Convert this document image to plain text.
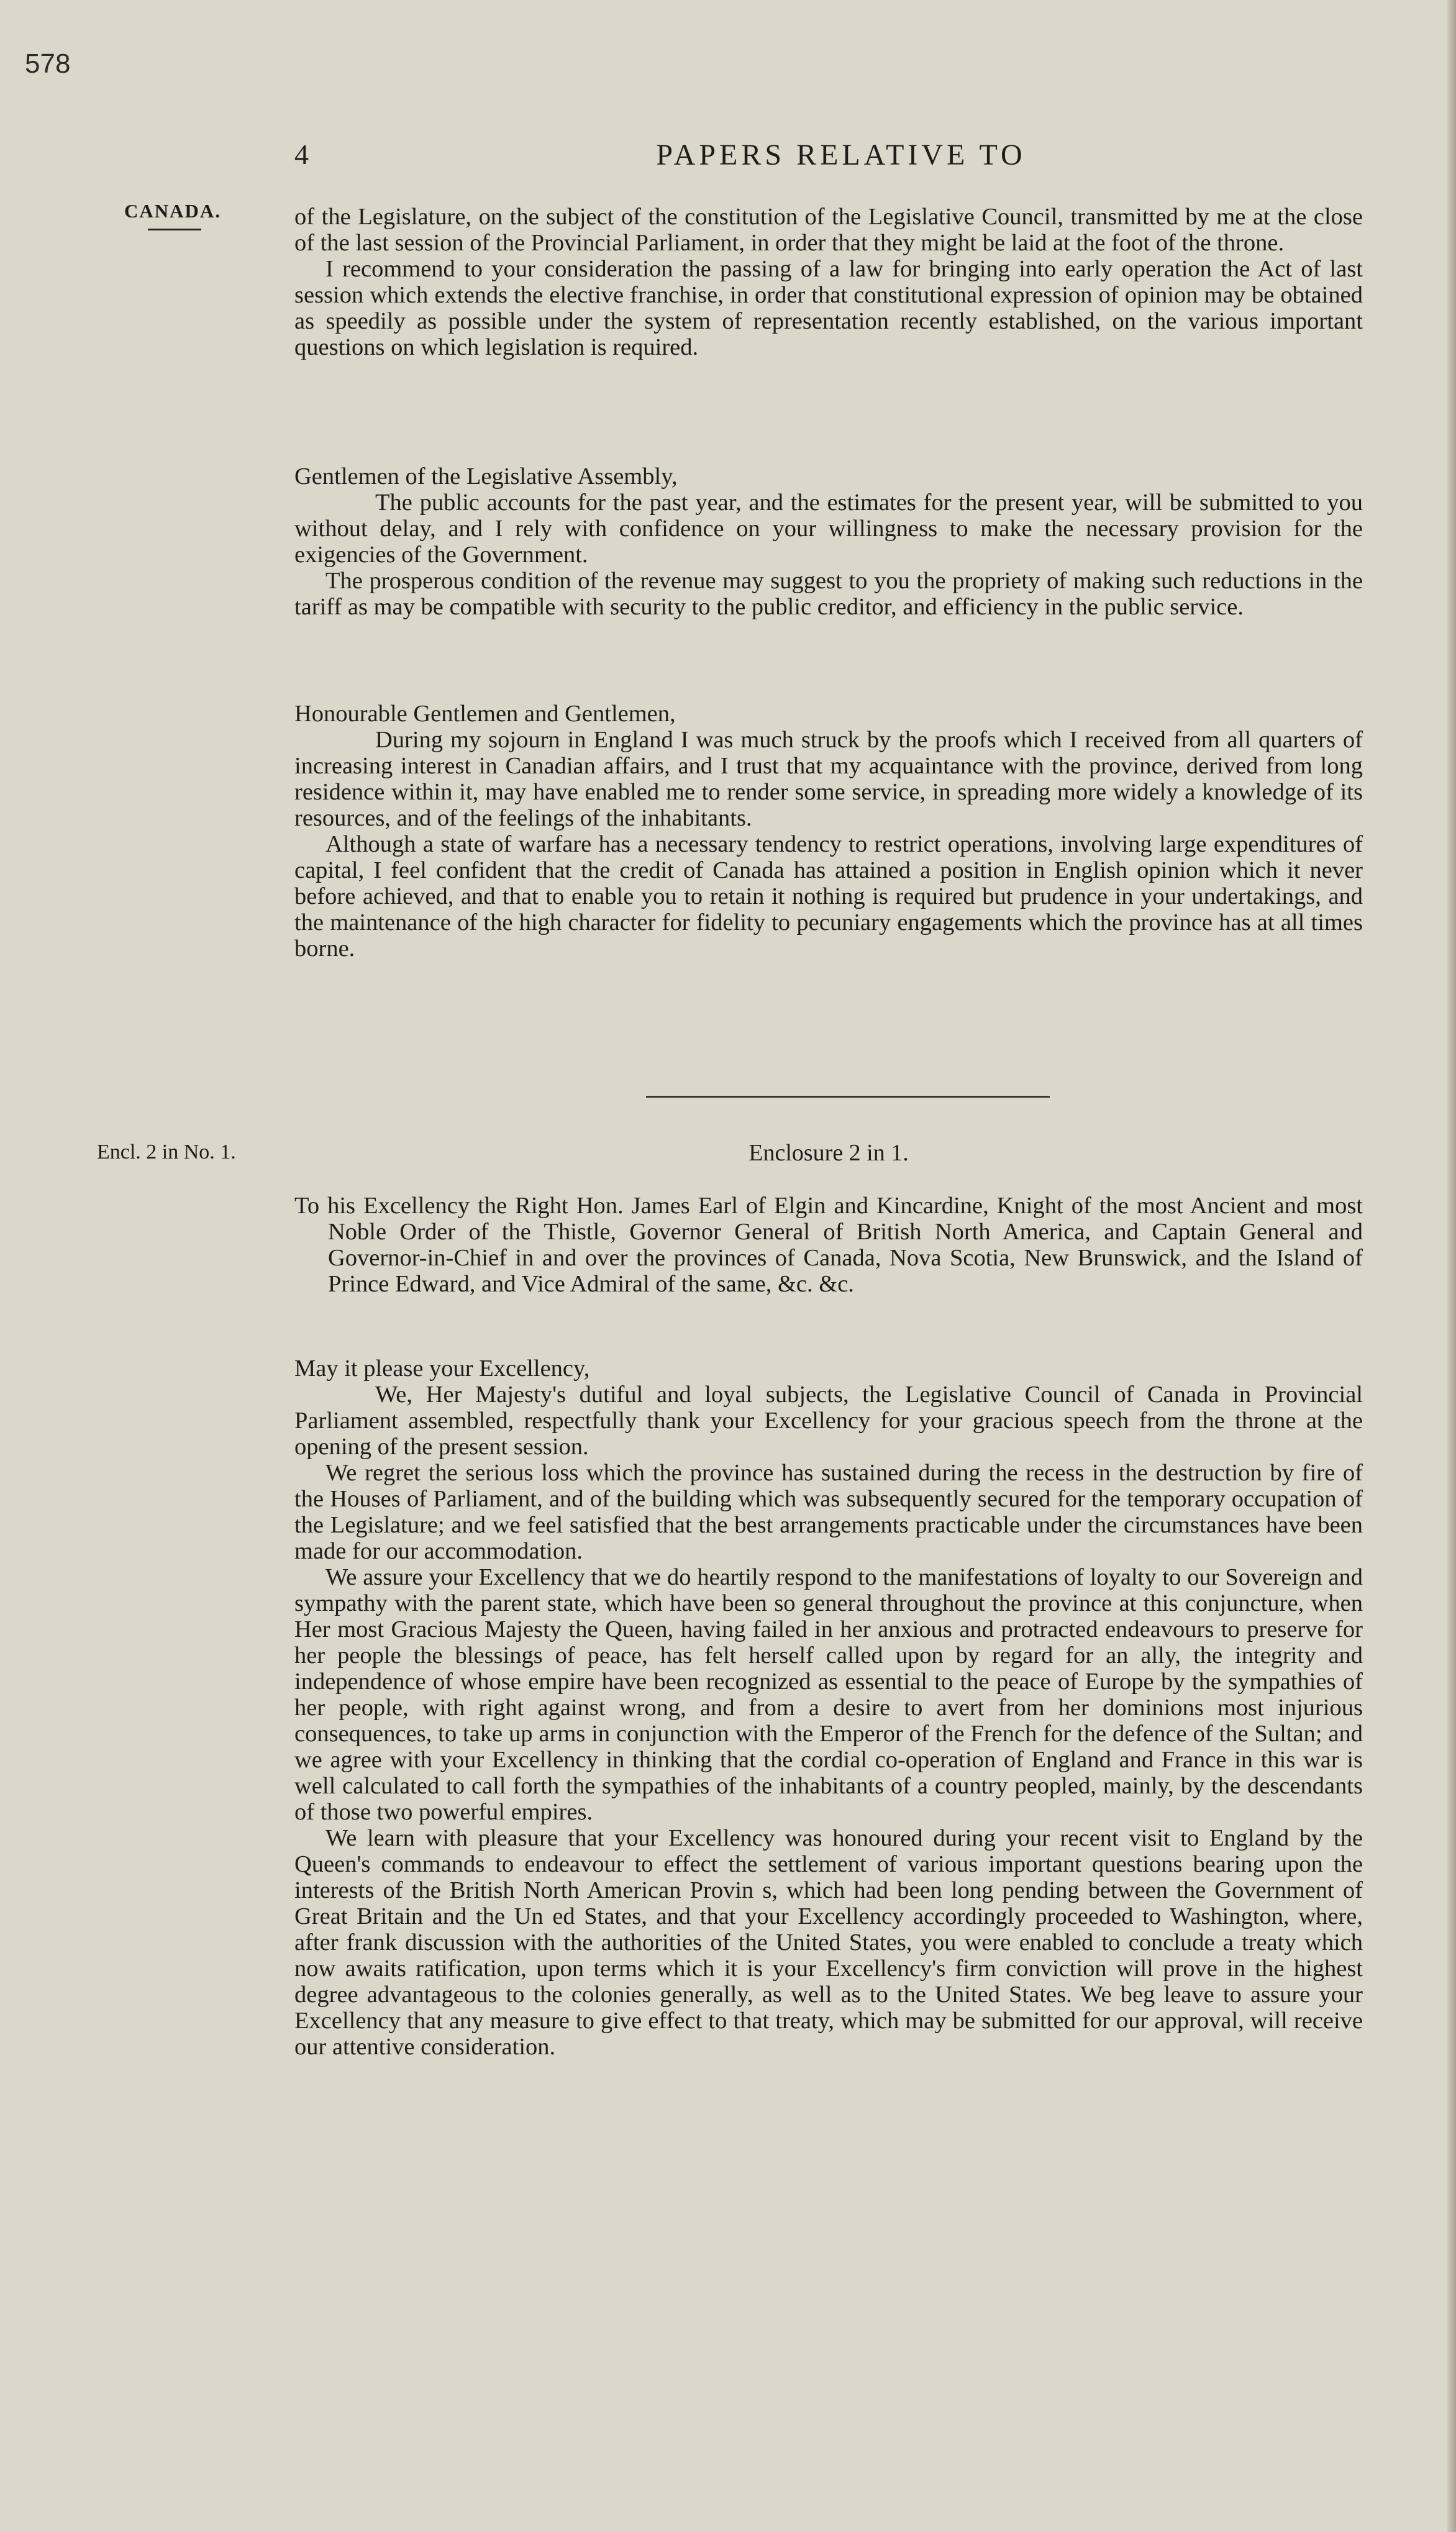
578
4	PAPERS RELATIVE TO
CANADA.	of the Legislature, on the subject of the constitution of the Legislative Council, transmitted by me at the close of the last session of the Provincial Parliament, in order that they might be laid at the foot of the throne.

I recommend to your consideration the passing of a law for bringing into early operation the Act of last session which extends the elective franchise, in order that constitutional expression of opinion may be obtained as speedily as possible under the system of representation recently established, on the various important questions on which legislation is required.

Gentlemen of the Legislative Assembly,

The public accounts for the past year, and the estimates for the present year, will be submitted to you without delay, and I rely with confidence on your willingness to make the necessary provision for the exigencies of the Government.

The prosperous condition of the revenue may suggest to you the propriety of making such reductions in the tariff as may be compatible with security to the public creditor, and efficiency in the public service.

Honourable Gentlemen and Gentlemen,

During my sojourn in England I was much struck by the proofs which I received from all quarters of increasing interest in Canadian affairs, and I trust that my acquaintance with the province, derived from long residence within it, may have enabled me to render some service, in spreading more widely a knowledge of its resources, and of the feelings of the inhabitants.

Although a state of warfare has a necessary tendency to restrict operations, involving large expenditures of capital, I feel confident that the credit of Canada has attained a position in English opinion which it never before achieved, and that to enable you to retain it nothing is required but prudence in your undertakings, and the maintenance of the high character for fidelity to pecuniary engagements which the province has at all times borne.

Encl. 2 in No. 1.	Enclosure 2 in 1.

To his Excellency the Right Hon. James Earl of Elgin and Kincardine, Knight of the most Ancient and most Noble Order of the Thistle, Governor General of British North America, and Captain General and Governor-in-Chief in and over the provinces of Canada, Nova Scotia, New Brunswick, and the Island of Prince Edward, and Vice Admiral of the same, &c. &c.

May it please your Excellency,

We, Her Majesty's dutiful and loyal subjects, the Legislative Council of Canada in Provincial Parliament assembled, respectfully thank your Excellency for your gracious speech from the throne at the opening of the present session.

We regret the serious loss which the province has sustained during the recess in the destruction by fire of the Houses of Parliament, and of the building which was subsequently secured for the temporary occupation of the Legislature; and we feel satisfied that the best arrangements practicable under the circumstances have been made for our accommodation.

We assure your Excellency that we do heartily respond to the manifestations of loyalty to our Sovereign and sympathy with the parent state, which have been so general throughout the province at this conjuncture, when Her most Gracious Majesty the Queen, having failed in her anxious and protracted endeavours to preserve for her people the blessings of peace, has felt herself called upon by regard for an ally, the integrity and independence of whose empire have been recognized as essential to the peace of Europe by the sympathies of her people, with right against wrong, and from a desire to avert from her dominions most injurious consequences, to take up arms in conjunction with the Emperor of the French for the defence of the Sultan; and we agree with your Excellency in thinking that the cordial co-operation of England and France in this war is well calculated to call forth the sympathies of the inhabitants of a country peopled, mainly, by the descendants of those two powerful empires.

We learn with pleasure that your Excellency was honoured during your recent visit to England by the Queen's commands to endeavour to effect the settlement of various important questions bearing upon the interests of the British North American Provin s, which had been long pending between the Government of Great Britain and the Un ed States, and that your Excellency accordingly proceeded to Washington, where, after frank discussion with the authorities of the United States, you were enabled to conclude a treaty which now awaits ratification, upon terms which it is your Excellency's firm conviction will prove in the highest degree advantageous to the colonies generally, as well as to the United States. We beg leave to assure your Excellency that any measure to give effect to that treaty, which may be submitted for our approval, will receive our attentive consideration.
